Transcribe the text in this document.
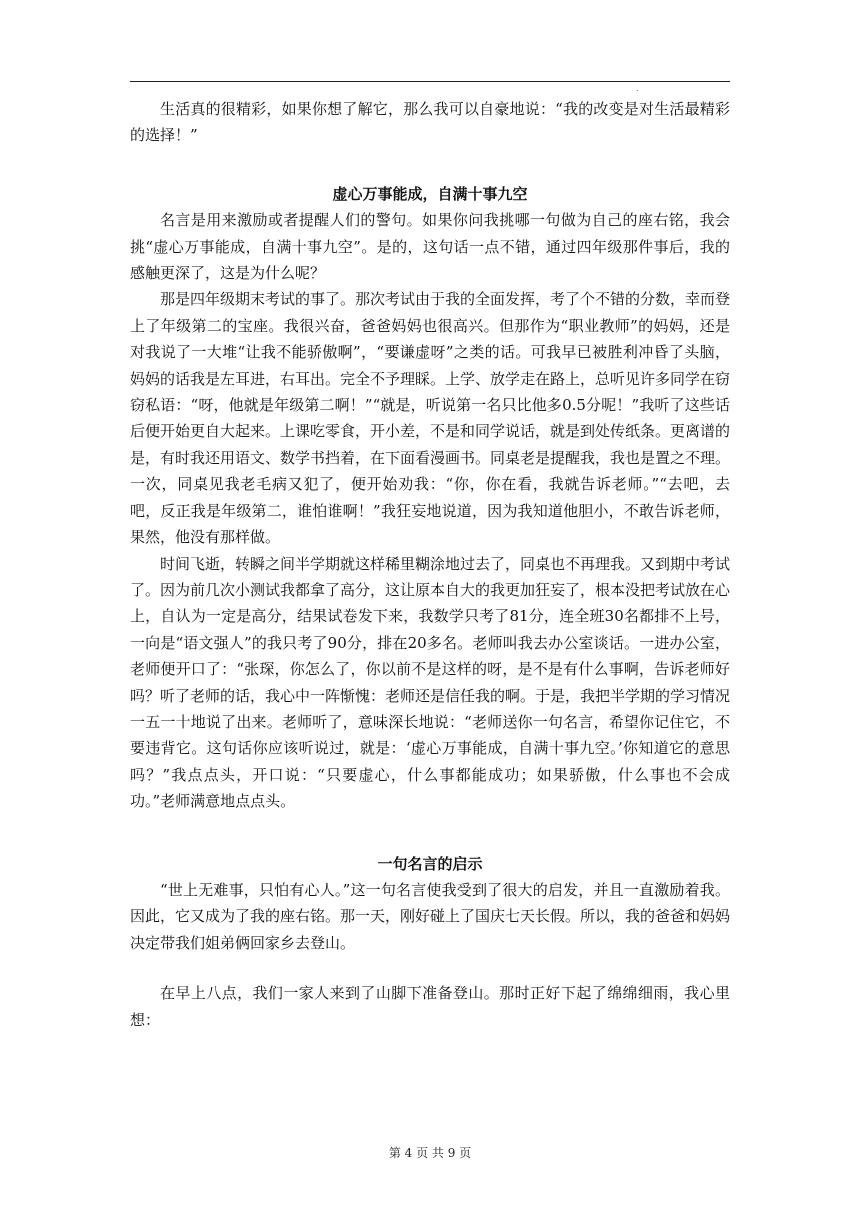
.

生活真的很精彩，如果你想了解它，那么我可以自豪地说：“我的改变是对生活最精彩的选择！”

虚心万事能成，自满十事九空

名言是用来激励或者提醒人们的警句。如果你问我挑哪一句做为自己的座右铭，我会挑“虚心万事能成，自满十事九空”。是的，这句话一点不错，通过四年级那件事后，我的感触更深了，这是为什么呢？

那是四年级期末考试的事了。那次考试由于我的全面发挥，考了个不错的分数，幸而登上了年级第二的宝座。我很兴奋，爸爸妈妈也很高兴。但那作为“职业教师”的妈妈，还是对我说了一大堆“让我不能骄傲啊”，“要谦虚呀”之类的话。可我早已被胜利冲昏了头脑，妈妈的话我是左耳进，右耳出。完全不予理睬。上学、放学走在路上，总听见许多同学在窃窃私语：“呀，他就是年级第二啊！”“就是，听说第一名只比他多0.5分呢！”我听了这些话后便开始更自大起来。上课吃零食，开小差，不是和同学说话，就是到处传纸条。更离谱的是，有时我还用语文、数学书挡着，在下面看漫画书。同桌老是提醒我，我也是置之不理。一次，同桌见我老毛病又犯了，便开始劝我：“你，你在看，我就告诉老师。”“去吧，去吧，反正我是年级第二，谁怕谁啊！”我狂妄地说道，因为我知道他胆小，不敢告诉老师，果然，他没有那样做。

时间飞逝，转瞬之间半学期就这样稀里糊涂地过去了，同桌也不再理我。又到期中考试了。因为前几次小测试我都拿了高分，这让原本自大的我更加狂妄了，根本没把考试放在心上，自认为一定是高分，结果试卷发下来，我数学只考了81分，连全班30名都排不上号，一向是“语文强人”的我只考了90分，排在20多名。老师叫我去办公室谈话。一进办公室，老师便开口了：“张琛，你怎么了，你以前不是这样的呀，是不是有什么事啊，告诉老师好吗？听了老师的话，我心中一阵惭愧：老师还是信任我的啊。于是，我把半学期的学习情况一五一十地说了出来。老师听了，意味深长地说：“老师送你一句名言，希望你记住它，不要违背它。这句话你应该听说过，就是：‘虚心万事能成，自满十事九空。’你知道它的意思吗？”我点点头，开口说：“只要虚心，什么事都能成功；如果骄傲，什么事也不会成功。”老师满意地点点头。

一句名言的启示

“世上无难事，只怕有心人。”这一句名言使我受到了很大的启发，并且一直激励着我。因此，它又成为了我的座右铭。那一天，刚好碰上了国庆七天长假。所以，我的爸爸和妈妈决定带我们姐弟俩回家乡去登山。

在早上八点，我们一家人来到了山脚下准备登山。那时正好下起了绵绵细雨，我心里想：

第 4 页 共 9 页
